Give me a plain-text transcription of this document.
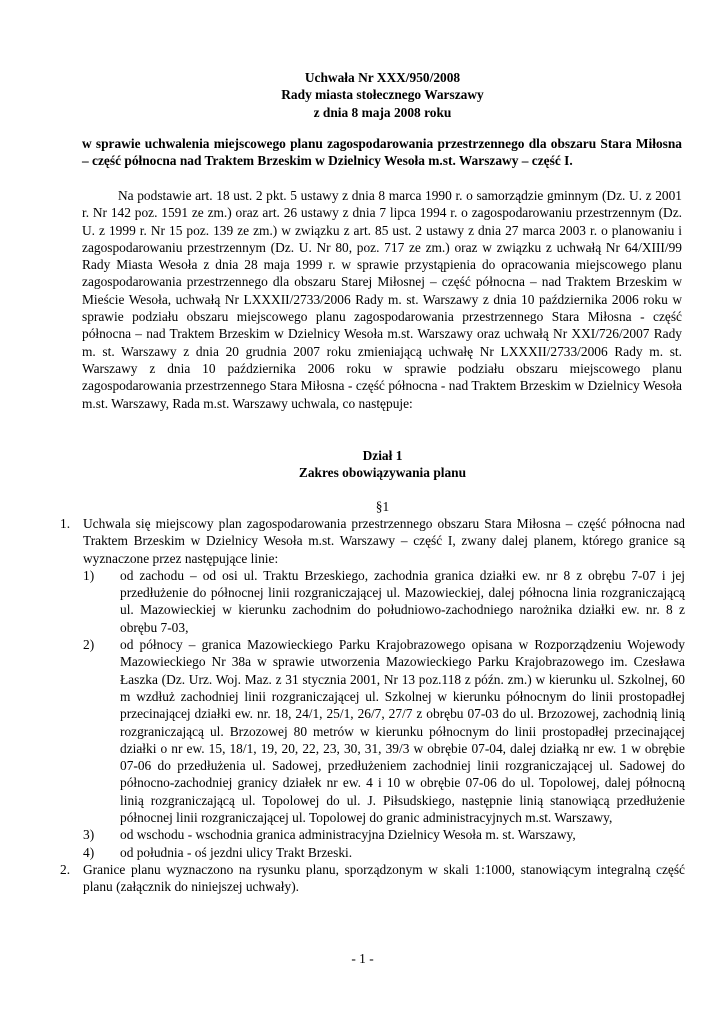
Uchwała Nr XXX/950/2008
Rady miasta stołecznego Warszawy
z dnia 8 maja 2008 roku
w sprawie uchwalenia miejscowego planu zagospodarowania przestrzennego dla obszaru Stara Miłosna – część północna nad Traktem Brzeskim w Dzielnicy Wesoła m.st. Warszawy – część I.
Na podstawie art. 18 ust. 2 pkt. 5 ustawy z dnia 8 marca 1990 r. o samorządzie gminnym (Dz. U. z 2001 r. Nr 142 poz. 1591 ze zm.) oraz art. 26 ustawy z dnia 7 lipca 1994 r. o zagospodarowaniu przestrzennym (Dz. U. z 1999 r. Nr 15 poz. 139 ze zm.) w związku z art. 85 ust. 2 ustawy z dnia 27 marca 2003 r. o planowaniu i zagospodarowaniu przestrzennym (Dz. U. Nr 80, poz. 717 ze zm.) oraz w związku z uchwałą Nr 64/XIII/99 Rady Miasta Wesoła z dnia 28 maja 1999 r. w sprawie przystąpienia do opracowania miejscowego planu zagospodarowania przestrzennego dla obszaru Starej Miłosnej – część północna – nad Traktem Brzeskim w Mieście Wesoła, uchwałą Nr LXXXII/2733/2006 Rady m. st. Warszawy z dnia 10 października 2006 roku w sprawie podziału obszaru miejscowego planu zagospodarowania przestrzennego Stara Miłosna - część północna – nad Traktem Brzeskim w Dzielnicy Wesoła m.st. Warszawy oraz uchwałą Nr XXI/726/2007 Rady m. st. Warszawy z dnia 20 grudnia 2007 roku zmieniającą uchwałę Nr LXXXII/2733/2006 Rady m. st. Warszawy z dnia 10 października 2006 roku w sprawie podziału obszaru miejscowego planu zagospodarowania przestrzennego Stara Miłosna - część północna - nad Traktem Brzeskim w Dzielnicy Wesoła m.st. Warszawy, Rada m.st. Warszawy uchwala, co następuje:
Dział 1
Zakres obowiązywania planu
§1
1. Uchwala się miejscowy plan zagospodarowania przestrzennego obszaru Stara Miłosna – część północna nad Traktem Brzeskim w Dzielnicy Wesoła m.st. Warszawy – część I, zwany dalej planem, którego granice są wyznaczone przez następujące linie:
1) od zachodu – od osi ul. Traktu Brzeskiego, zachodnia granica działki ew. nr 8 z obrębu 7-07 i jej przedłużenie do północnej linii rozgraniczającej ul. Mazowieckiej, dalej północna linia rozgraniczającą ul. Mazowieckiej w kierunku zachodnim do południowo-zachodniego narożnika działki ew. nr. 8 z obrębu 7-03,
2) od północy – granica Mazowieckiego Parku Krajobrazowego opisana w Rozporządzeniu Wojewody Mazowieckiego Nr 38a w sprawie utworzenia Mazowieckiego Parku Krajobrazowego im. Czesława Łaszka (Dz. Urz. Woj. Maz. z 31 stycznia 2001, Nr 13 poz.118 z późn. zm.) w kierunku ul. Szkolnej, 60 m wzdłuż zachodniej linii rozgraniczającej ul. Szkolnej w kierunku północnym do linii prostopadłej przecinającej działki ew. nr. 18, 24/1, 25/1, 26/7, 27/7 z obrębu 07-03 do ul. Brzozowej, zachodnią linią rozgraniczającą ul. Brzozowej 80 metrów w kierunku północnym do linii prostopadłej przecinającej działki o nr ew. 15, 18/1, 19, 20, 22, 23, 30, 31, 39/3 w obrębie 07-04, dalej działką nr ew. 1 w obrębie 07-06 do przedłużenia ul. Sadowej, przedłużeniem zachodniej linii rozgraniczającej ul. Sadowej do północno-zachodniej granicy działek nr ew. 4 i 10 w obrębie 07-06 do ul. Topolowej, dalej północną linią rozgraniczającą ul. Topolowej do ul. J. Piłsudskiego, następnie linią stanowiącą przedłużenie północnej linii rozgraniczającej ul. Topolowej do granic administracyjnych m.st. Warszawy,
3) od wschodu - wschodnia granica administracyjna Dzielnicy Wesoła m. st. Warszawy,
4) od południa - oś jezdni ulicy Trakt Brzeski.
2. Granice planu wyznaczono na rysunku planu, sporządzonym w skali 1:1000, stanowiącym integralną część planu (załącznik do niniejszej uchwały).
- 1 -
